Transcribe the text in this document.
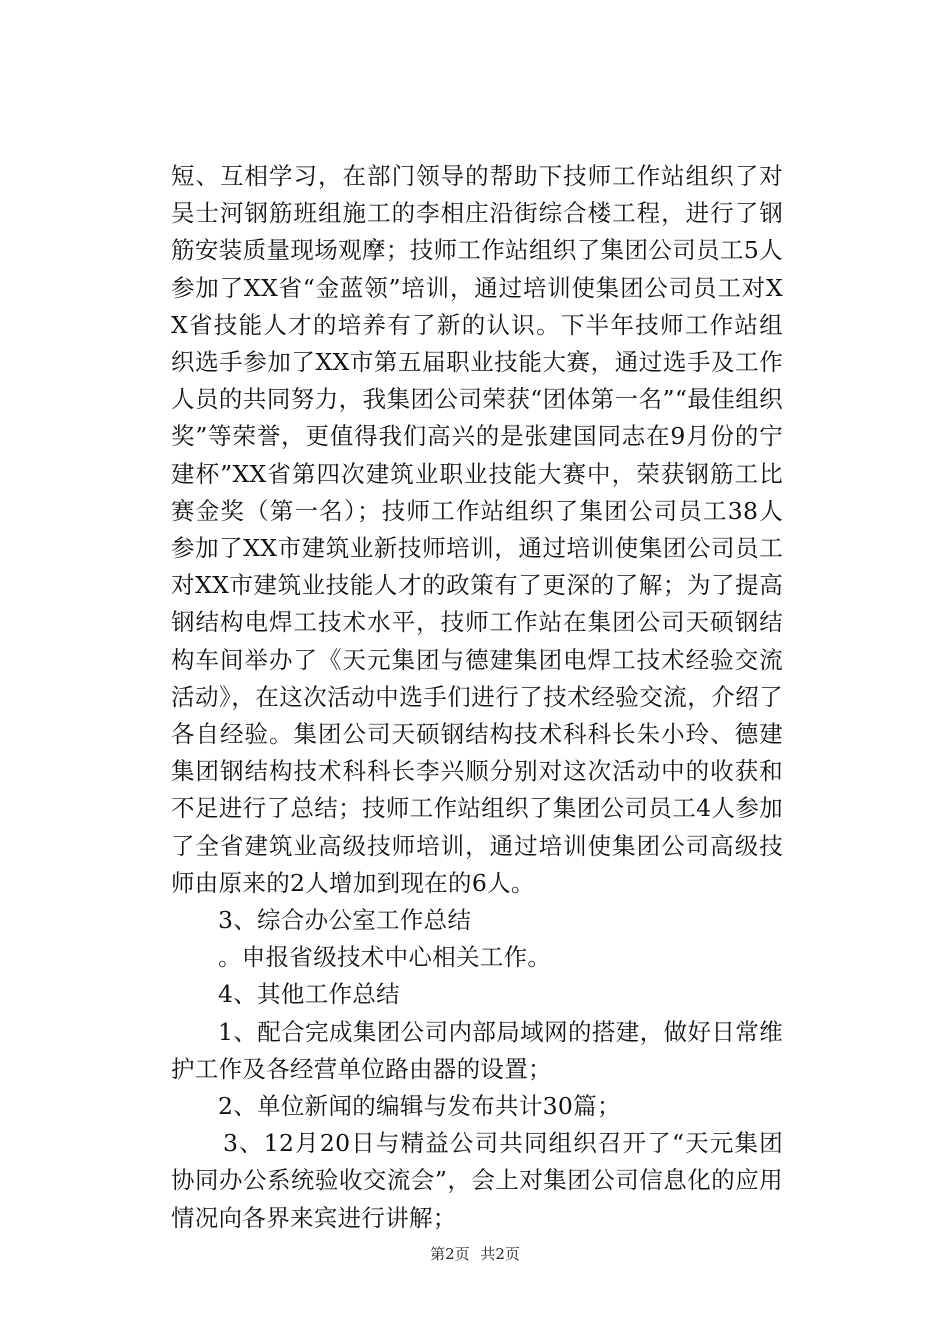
短、互相学习，在部门领导的帮助下技师工作站组织了对吴士河钢筋班组施工的李相庄沿街综合楼工程，进行了钢筋安装质量现场观摩；技师工作站组织了集团公司员工5人参加了XX省“金蓝领”培训，通过培训使集团公司员工对XX省技能人才的培养有了新的认识。下半年技师工作站组织选手参加了XX市第五届职业技能大赛，通过选手及工作人员的共同努力，我集团公司荣获“团体第一名”“最佳组织奖”等荣誉，更值得我们高兴的是张建国同志在9月份的宁建杯”XX省第四次建筑业职业技能大赛中，荣获钢筋工比赛金奖（第一名）；技师工作站组织了集团公司员工38人参加了XX市建筑业新技师培训，通过培训使集团公司员工对XX市建筑业技能人才的政策有了更深的了解；为了提高钢结构电焊工技术水平，技师工作站在集团公司天硕钢结构车间举办了《天元集团与德建集团电焊工技术经验交流活动》，在这次活动中选手们进行了技术经验交流，介绍了各自经验。集团公司天硕钢结构技术科科长朱小玲、德建集团钢结构技术科科长李兴顺分别对这次活动中的收获和不足进行了总结；技师工作站组织了集团公司员工4人参加了全省建筑业高级技师培训，通过培训使集团公司高级技师由原来的2人增加到现在的6人。

3、综合办公室工作总结

。申报省级技术中心相关工作。

4、其他工作总结

1、配合完成集团公司内部局域网的搭建，做好日常维护工作及各经营单位路由器的设置；

2、单位新闻的编辑与发布共计30篇；

3、12月20日与精益公司共同组织召开了“天元集团协同办公系统验收交流会”，会上对集团公司信息化的应用情况向各界来宾进行讲解；

第2页 共2页
